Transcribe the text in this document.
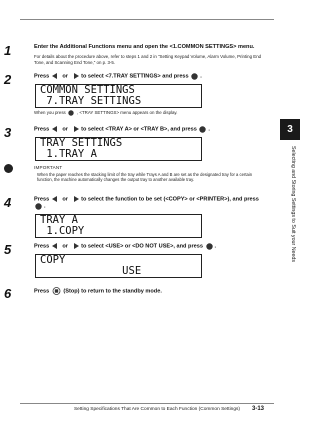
1	Enter the Additional Functions menu and open the <1.COMMON SETTINGS> menu.
For details about the procedure above, refer to steps 1 and 2 in "Setting Keypad Volume, Alarm Volume, Printing End Tone, and Scanning End Tone," on p. 3-5.
2	Press or to select <7.TRAY SETTINGS> and press .
COMMON SETTINGS
7.TRAY SETTINGS
When you press	, <TRAY SETTINGS> menu appears on the display.
3	Press or to select <TRAY A> or <TRAY B>, and press .
TRAY SETTINGS
1.TRAY A
IMPORTANT
When the paper reaches the stacking limit of the tray while Trays A and B are set as the designated tray for a certain function, the machine automatically changes the output tray to another available tray.
4	Press or to select the function to be set (<COPY> or <PRINTER>), and press
.
TRAY A
1.COPY
5	Press or to select <USE> or <DO NOT USE>, and press .
COPY
USE
6	Press	(Stop) to return to the standby mode.
3
Selecting and Storing Settings to Suit your Needs
Setting Specifications That Are Common to Each Function (Common Settings) 3-13
